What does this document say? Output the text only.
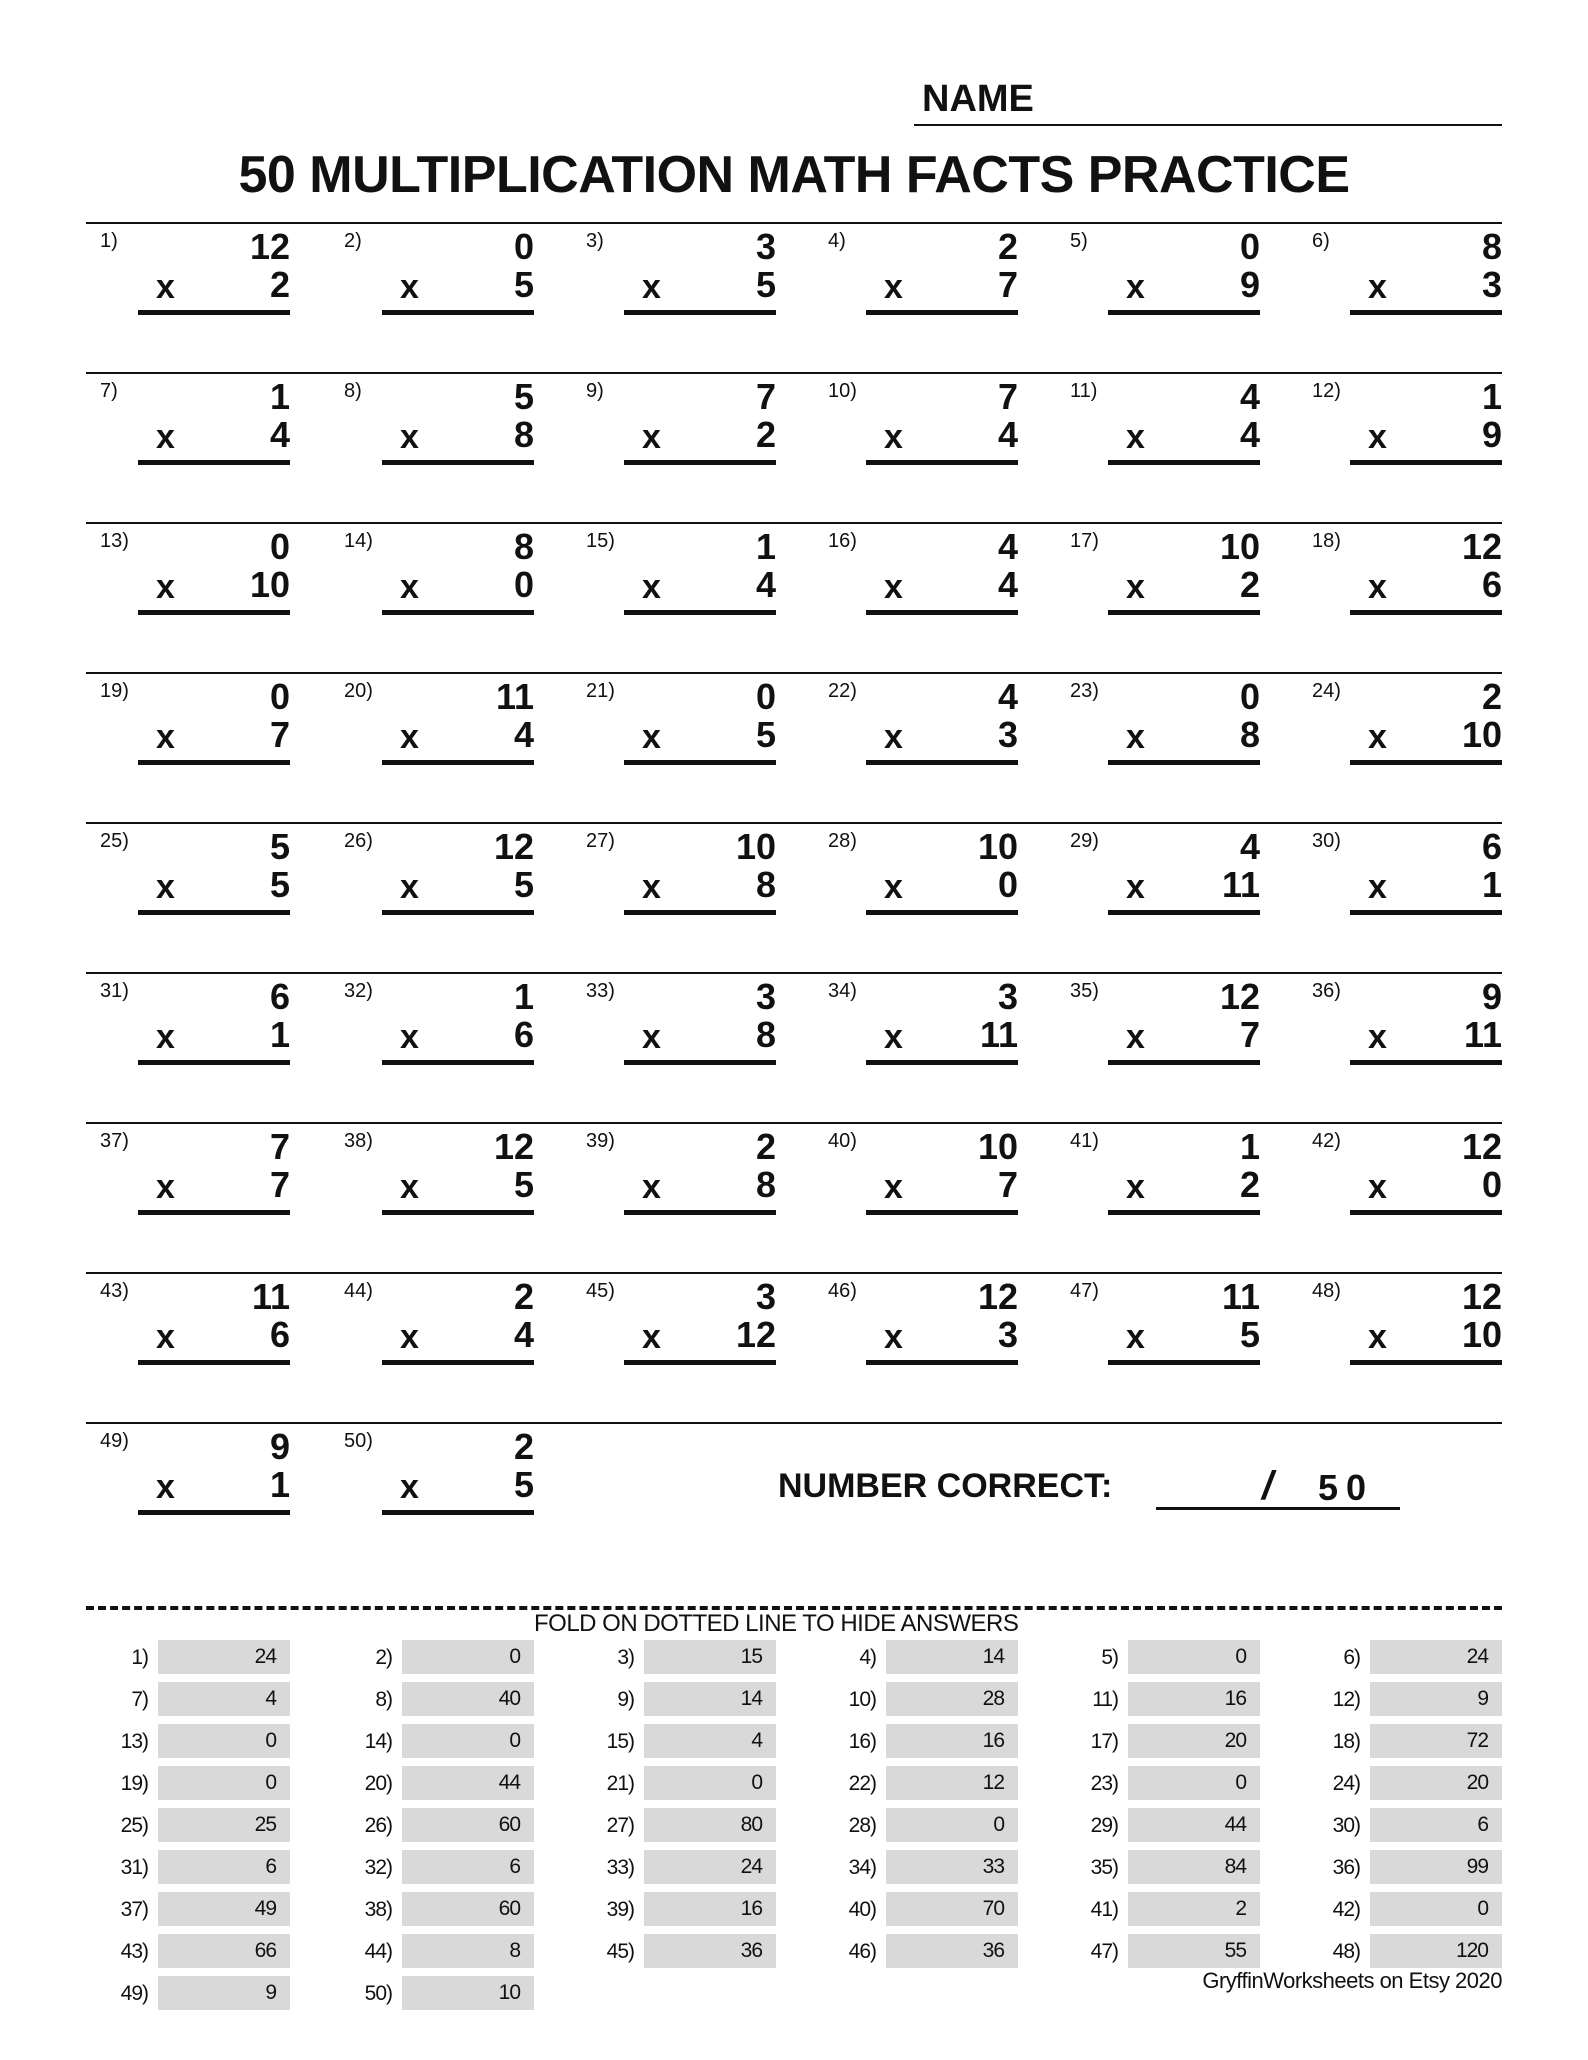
NAME
50 MULTIPLICATION MATH FACTS PRACTICE
1)	12
x	2
2)	0
x	5
3)	3
x	5
4)	2
x	7
5)	0
x	9
6)	8
x	3
7)	1
x	4
8)	5
x	8
9)	7
x	2
10)	7
x	4
11)	4
x	4
12)	1
x	9
13)	0
x 10
14)	8
x	0
15)	1
x	4
16)	4
x	4
17)	10
x	2
18)	12
x	6
19)	0
x	7
20)	11
x	4
21)	0
x	5
22)	4
x	3
23)	0
x	8
24)	2
x 10
25)	5
x	5
26)	12
x	5
27)	10
x	8
28)	10
x	0
29)	4
x 11
30)	6
x	1
31)	6
x	1
32)	1
x	6
33)	3
x	8
34)	3
x 11
35)	12
x	7
36)	9
x 11
37)	7
x	7
38)	12
x	5
39)	2
x	8
40)	10
x	7
41)	1
x	2
42)	12
x	0
43)	11
x	6
44)	2
x	4
45)	3
x 12
46)	12
x	3
47)	11
x	5
48)	12
x 10
49)	9
x	1
50)	2
x	5	NUMBER CORRECT:	/ 50
FOLD ON DOTTED LINE TO HIDE ANSWERS
1)	24	2)	0	3)	15	4)	14	5)	0	6)	24
7)	4	8)	40	9)	14	10)	28	11)	16	12)	9
13)	0	14)	0	15)	4	16)	16	17)	20	18)	72
19)	0	20)	44	21)	0	22)	12	23)	0	24)	20
25)	25	26)	60	27)	80	28)	0	29)	44	30)	6
31)	6	32)	6	33)	24	34)	33	35)	84	36)	99
37)	49	38)	60	39)	16	40)	70	41)	2	42)	0
43)	66	44)	8	45)	36	46)	36	47)	55	48)	120
49)	9	50)	10	GryffinWorksheets on Etsy 2020
